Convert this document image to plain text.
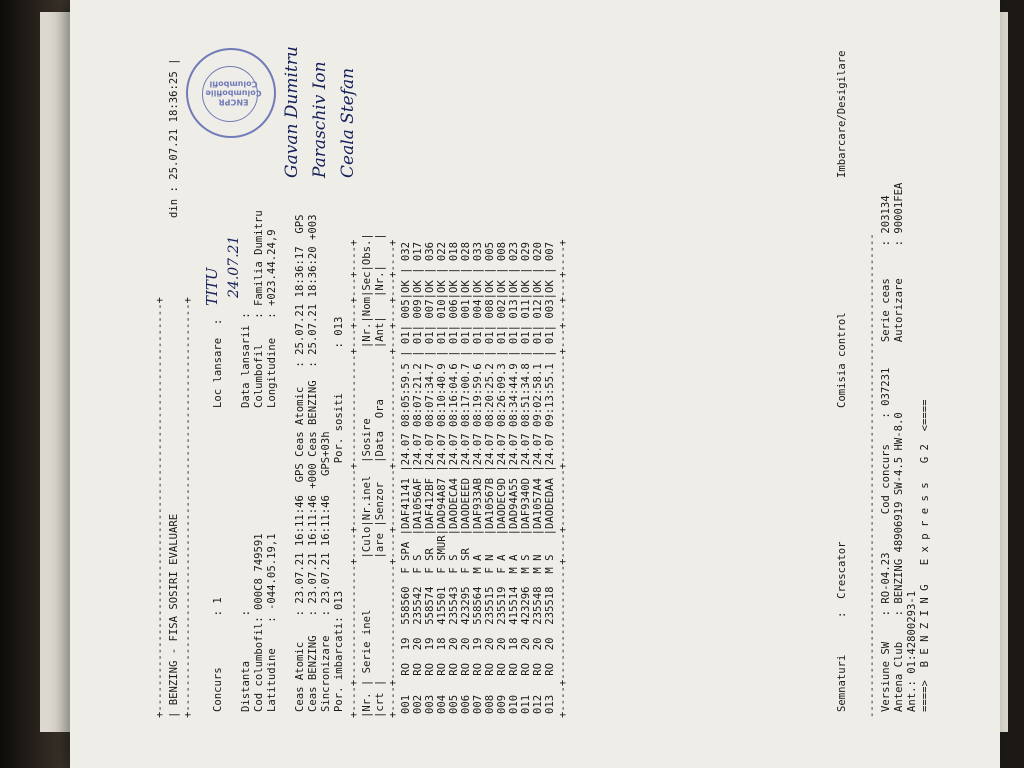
+----------------------------------------------------------------+ | BENZING - FISA SOSIRI EVALUARE
din : 25.07.21 18:36:25 |
+----------------------------------------------------------------+ Concurs        : 1
Loc lansare  :
TITU
Distanta       :
Data lansarii :
24.07.21
Cod columbofil: 000C8 749591
Columbofil    : Familia Dumitru
Latitudine    : -044.05.19,1
Longitudine   : +023.44.24,9 Ceas Atomic    : 23.07.21 16:11:46  GPS Ceas Atomic   : 25.07.21 18:36:17  GPS Ceas BENZING   : 23.07.21 16:11:46 +000 Ceas BENZING  : 25.07.21 18:36:20 +003 Sincronizare   : 23.07.21 16:11:46   GPS+03h Por. imbarcati: 013                    Por. sositi       : 013 +----+------------------+----+---------+-----------------+---+---+---+----+ |Nr. | Serie inel        |Culo|Nr.inel  |Sosire           |Nr.|Nom|Sec|Obs.| |crt |                   |are |Senzor   |Data  Ora        |Ant|   |Nr.|    | +----+------------------+----+---------+-----------------+---+---+---+----+ 001   RO  19  558560  F SPA |DAF41141 |24.07 08:05:59.5 | 01| 005|OK | 032 002   RO  20  235542  F S   |DA1056AF |24.07 08:07:21.2 | 01| 009|OK | 017 003   RO  19  558574  F SR  |DAF412BF |24.07 08:07:34.7 | 01| 007|OK | 036 004   RO  18  415501  F SMUR|DAD94A87 |24.07 08:10:40.9 | 01| 010|OK | 022 005   RO  20  235543  F S   |DAODECA4 |24.07 08:16:04.6 | 01| 006|OK | 018 006   RO  20  423295  F SR  |DAODEEED |24.07 08:17:00.7 | 01| 001|OK | 028 007   RO  19  558564  M A   |DAF933AB |24.07 08:19:59.6 | 01| 004|OK | 033 008   RO  20  235515  F N   |DA10567B |24.07 08:20:25.2 | 01| 008|OK | 005 009   RO  20  235519  F A   |DAODEC9D |24.07 08:26:09.3 | 01| 002|OK | 008 010   RO  18  415514  M A   |DAD94A55 |24.07 08:34:44.9 | 01| 013|OK | 023 011   RO  20  423296  M S   |DAF9340D |24.07 08:51:34.8 | 01| 011|OK | 029 012   RO  20  235548  M N   |DA1057A4 |24.07 09:02:58.1 | 01| 012|OK | 020 013   RO  20  235518  M S   |DAODEDAA |24.07 09:13:55.1 | 01| 003|OK | 007 +----+------------------+----+---------+-----------------+---+---+---+----+
ENCPR Columbofilie Columbofil	Gavan Dumitru Paraschiv Ion Ceala Stefan
Semnaturi
:  Crescator
Comisia control
Imbarcare/Desigilare
---------------------------------------------------------------------------- Versiune SW    : RO-04.23      Cod concurs    : 037231    Serie ceas     : 203134 Antena Club    : BENZING 48906919 SW-4.5 HW-8.0           Autorizare     : 90001FEA Ant.: 01:42800293-1 ====>  B E N Z I N G   E x p r e s s   G 2  <====
